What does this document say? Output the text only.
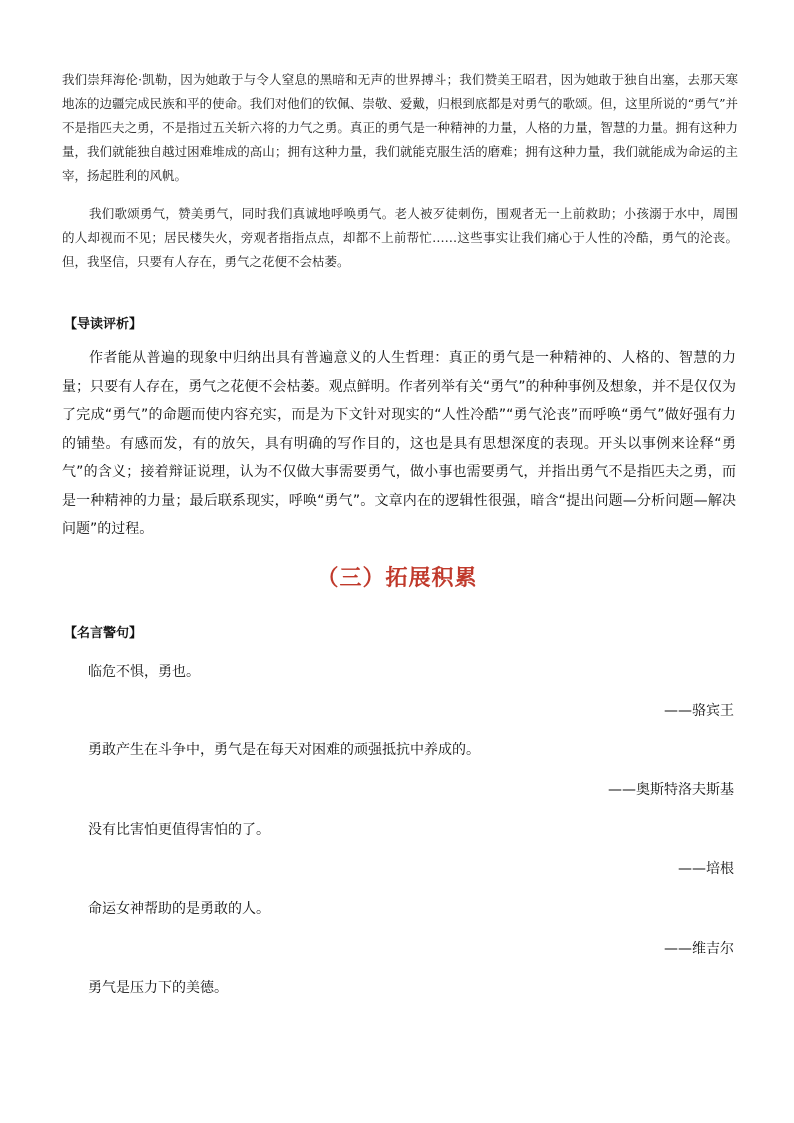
我们崇拜海伦·凯勒，因为她敢于与令人窒息的黑暗和无声的世界搏斗；我们赞美王昭君，因为她敢于独自出塞，去那天寒地冻的边疆完成民族和平的使命。我们对他们的钦佩、崇敬、爱戴，归根到底都是对勇气的歌颂。但，这里所说的“勇气”并不是指匹夫之勇，不是指过五关斩六将的力气之勇。真正的勇气是一种精神的力量，人格的力量，智慧的力量。拥有这种力量，我们就能独自越过困难堆成的高山；拥有这种力量，我们就能克服生活的磨难；拥有这种力量，我们就能成为命运的主宰，扬起胜利的风帆。

我们歌颂勇气，赞美勇气，同时我们真诚地呼唤勇气。老人被歹徒刺伤，围观者无一上前救助；小孩溺于水中，周围的人却视而不见；居民楼失火，旁观者指指点点，却都不上前帮忙……这些事实让我们痛心于人性的冷酷，勇气的沦丧。但，我坚信，只要有人存在，勇气之花便不会枯萎。

【导读评析】

作者能从普遍的现象中归纳出具有普遍意义的人生哲理：真正的勇气是一种精神的、人格的、智慧的力量；只要有人存在，勇气之花便不会枯萎。观点鲜明。作者列举有关“勇气”的种种事例及想象，并不是仅仅为了完成“勇气”的命题而使内容充实，而是为下文针对现实的“人性冷酷”“勇气沦丧”而呼唤“勇气”做好强有力的铺垫。有感而发，有的放矢，具有明确的写作目的，这也是具有思想深度的表现。开头以事例来诠释“勇气”的含义；接着辩证说理，认为不仅做大事需要勇气，做小事也需要勇气，并指出勇气不是指匹夫之勇，而是一种精神的力量；最后联系现实，呼唤“勇气”。文章内在的逻辑性很强，暗含“提出问题—分析问题—解决问题”的过程。

（三）拓展积累
【名言警句】
临危不惧，勇也。
——骆宾王
勇敢产生在斗争中，勇气是在每天对困难的顽强抵抗中养成的。
——奥斯特洛夫斯基
没有比害怕更值得害怕的了。
——培根
命运女神帮助的是勇敢的人。
——维吉尔
勇气是压力下的美德。
